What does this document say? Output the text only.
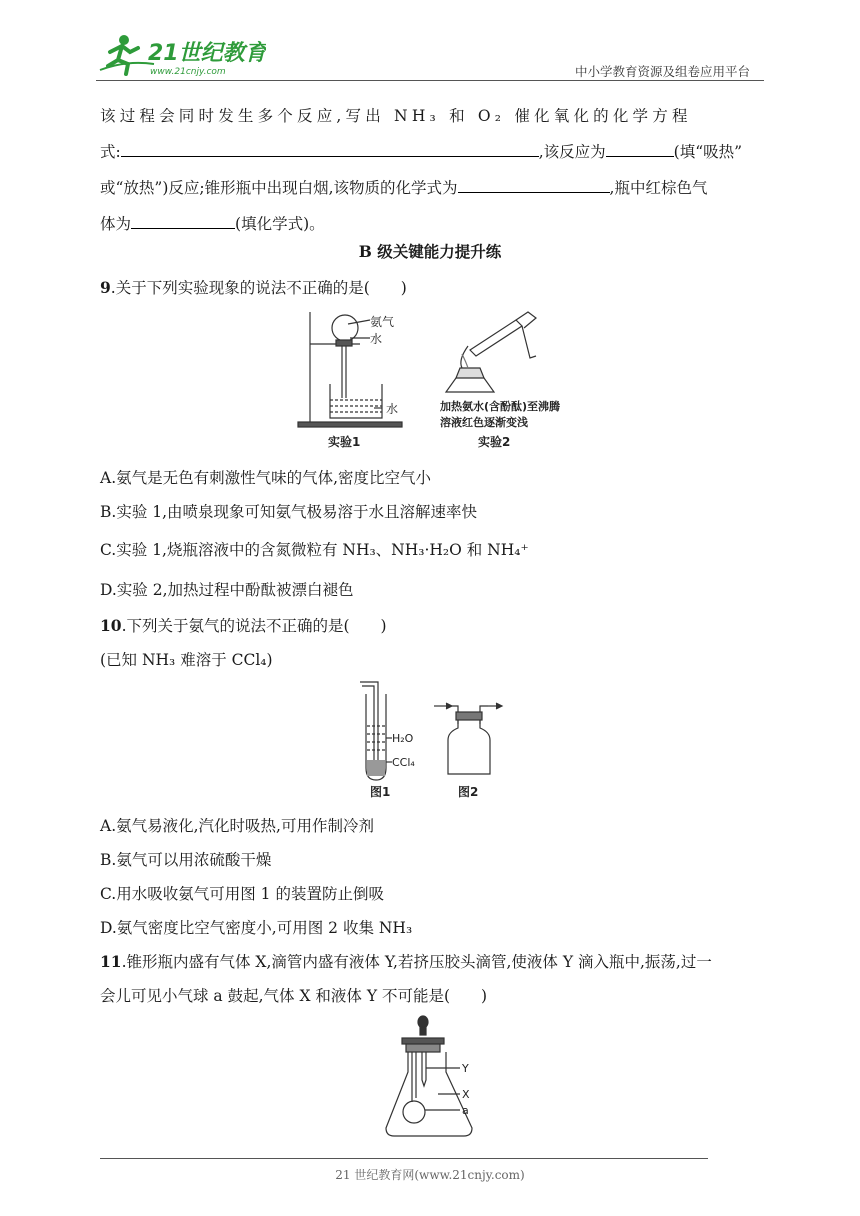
21世纪教育
www.21cnjy.com	中小学教育资源及组卷应用平台
该过程会同时发生多个反应,写出 NH₃ 和 O₂ 催化氧化的化学方程
式:	,该反应为	(填“吸热”
或“放热”)反应;锥形瓶中出现白烟,该物质的化学式为	,瓶中红棕色气
体为	(填化学式)。
B 级关键能力提升练
9.关于下列实验现象的说法不正确的是(　　)
氨气
水
水
实验1
加热氨水(含酚酞)至沸腾
溶液红色逐渐变浅
实验2
A.氨气是无色有刺激性气味的气体,密度比空气小
B.实验 1,由喷泉现象可知氨气极易溶于水且溶解速率快
C.实验 1,烧瓶溶液中的含氮微粒有 NH₃、NH₃·H₂O 和 NH₄⁺
D.实验 2,加热过程中酚酞被漂白褪色
10.下列关于氨气的说法不正确的是(　　)
(已知 NH₃ 难溶于 CCl₄)
H₂O
CCl₄
图1	图2
A.氨气易液化,汽化时吸热,可用作制冷剂
B.氨气可以用浓硫酸干燥
C.用水吸收氨气可用图 1 的装置防止倒吸
D.氨气密度比空气密度小,可用图 2 收集 NH₃
11.锥形瓶内盛有气体 X,滴管内盛有液体 Y,若挤压胶头滴管,使液体 Y 滴入瓶中,振荡,过一
会儿可见小气球 a 鼓起,气体 X 和液体 Y 不可能是(　　)
Y
X
a
21 世纪教育网(www.21cnjy.com)
